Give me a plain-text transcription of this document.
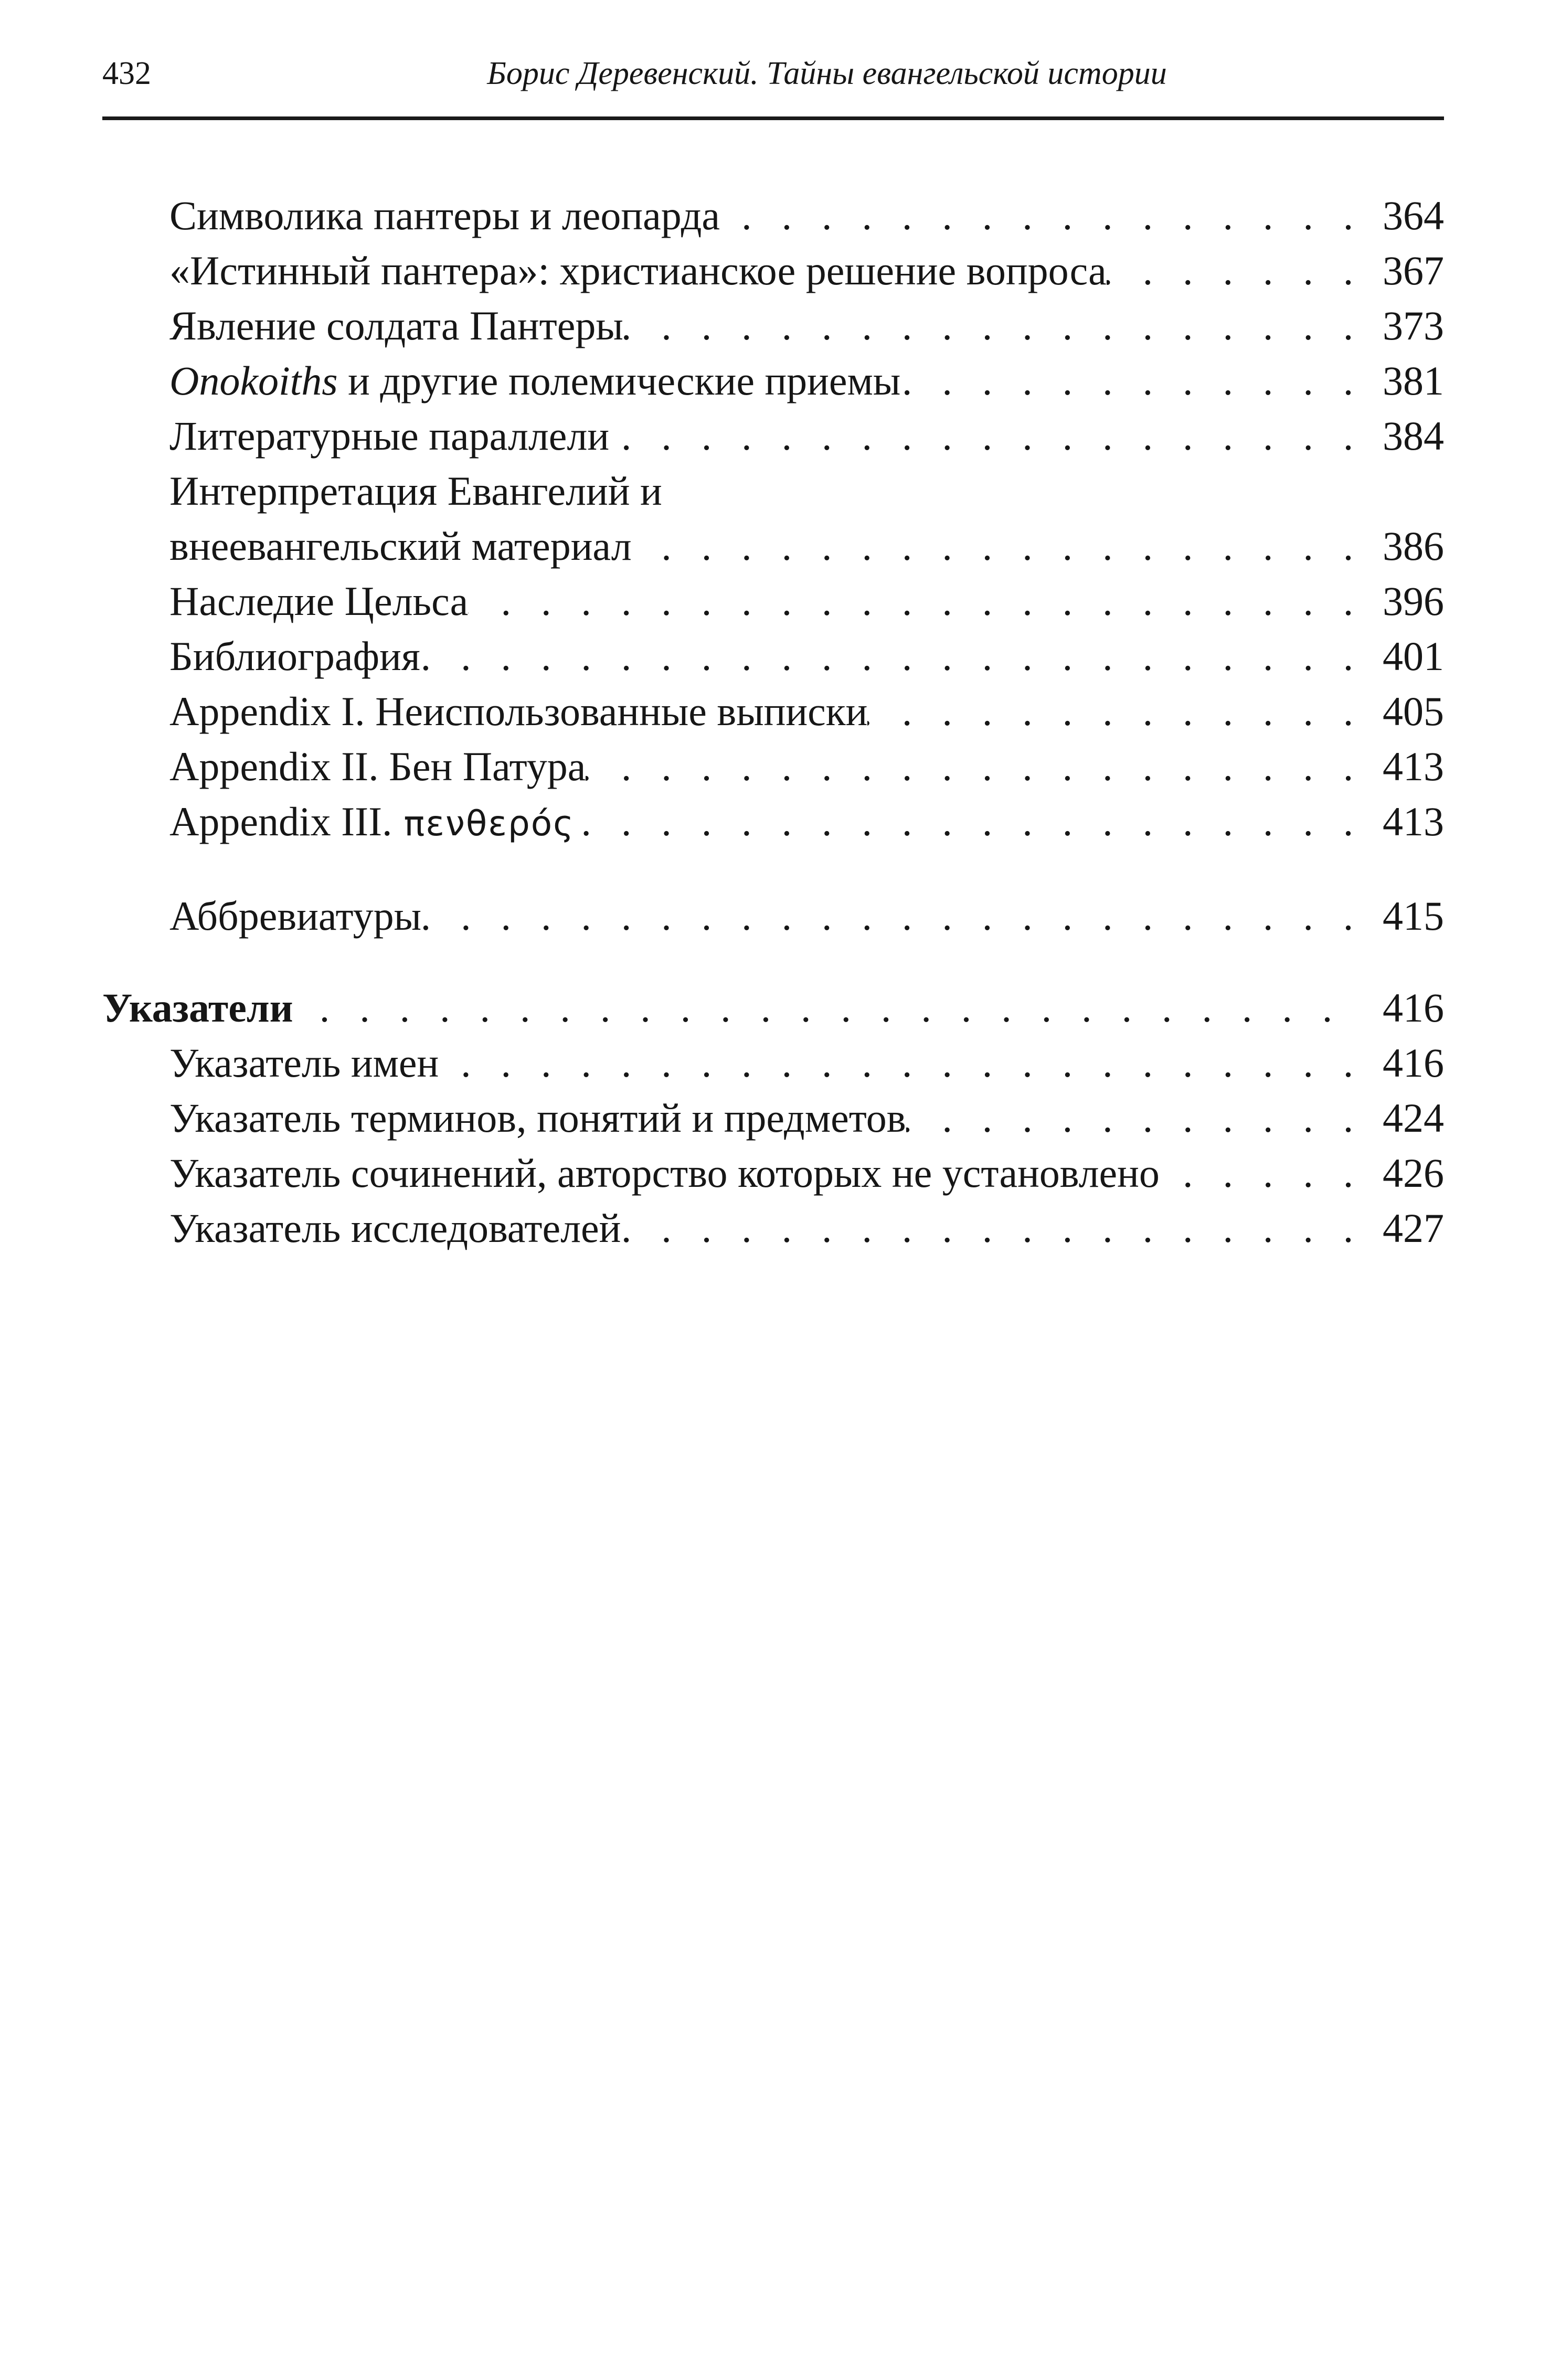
432	Борис Деревенский. Тайны евангельской истории
Символика пантеры и леопарда . . .	364
«Истинный пантера»: христианское решение вопроса . . .	367
Явление солдата Пантеры . . .	373
Onokoiths и другие полемические приемы . . .	381
Литературные параллели . . .	384
Интерпретация Евангелий и
внеевангельский материал . . .	386
Наследие Цельса . . .	396
Библиография . . .	401
Appendix I. Неиспользованные выписки . . .	405
Appendix II. Бен Патура . . .	413
Appendix III. πενθερός . . .	413
Аббревиатуры . . .	415
Указатели . . .	416
Указатель имен . . .	416
Указатель терминов, понятий и предметов . . .	424
Указатель сочинений, авторство которых не установлено . . .	426
Указатель исследователей . . .	427
